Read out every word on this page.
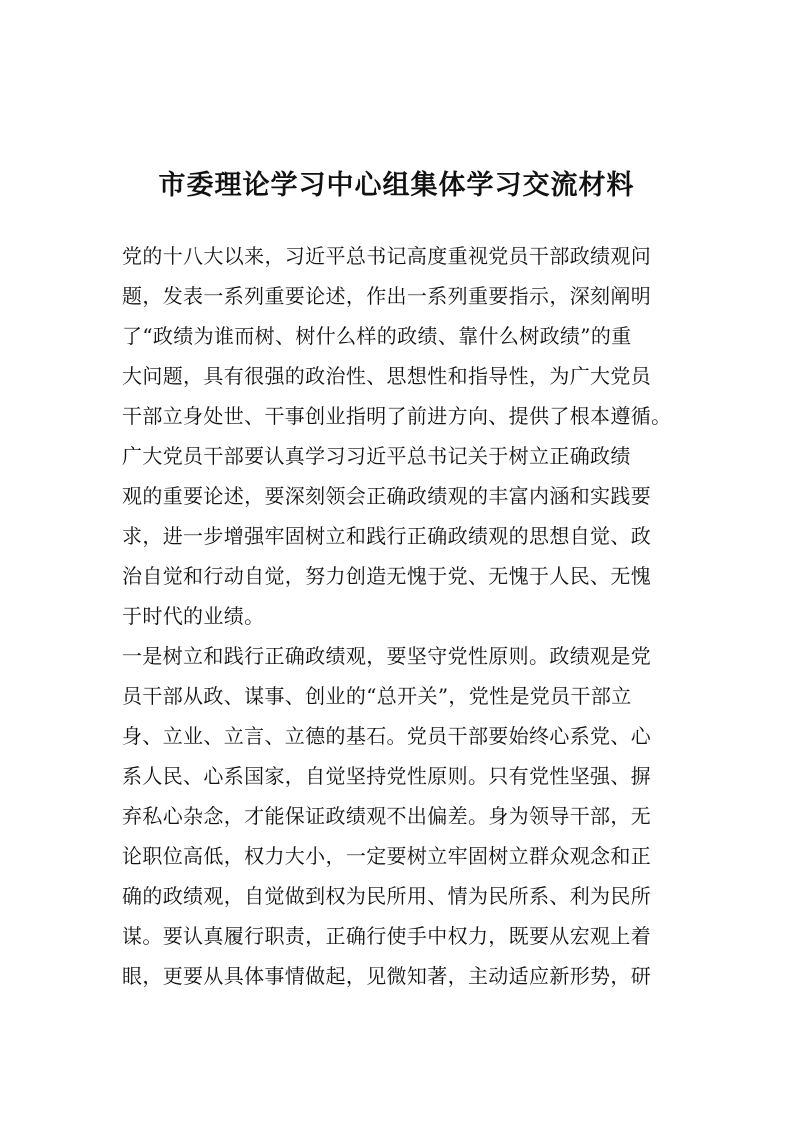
市委理论学习中心组集体学习交流材料
党的十八大以来，习近平总书记高度重视党员干部政绩观问
题，发表一系列重要论述，作出一系列重要指示，深刻阐明
了“政绩为谁而树、树什么样的政绩、靠什么树政绩”的重
大问题，具有很强的政治性、思想性和指导性，为广大党员
干部立身处世、干事创业指明了前进方向、提供了根本遵循。
广大党员干部要认真学习习近平总书记关于树立正确政绩
观的重要论述，要深刻领会正确政绩观的丰富内涵和实践要
求，进一步增强牢固树立和践行正确政绩观的思想自觉、政
治自觉和行动自觉，努力创造无愧于党、无愧于人民、无愧
于时代的业绩。
一是树立和践行正确政绩观，要坚守党性原则。政绩观是党
员干部从政、谋事、创业的“总开关”，党性是党员干部立
身、立业、立言、立德的基石。党员干部要始终心系党、心
系人民、心系国家，自觉坚持党性原则。只有党性坚强、摒
弃私心杂念，才能保证政绩观不出偏差。身为领导干部，无
论职位高低，权力大小，一定要树立牢固树立群众观念和正
确的政绩观，自觉做到权为民所用、情为民所系、利为民所
谋。要认真履行职责，正确行使手中权力，既要从宏观上着
眼，更要从具体事情做起，见微知著，主动适应新形势，研
